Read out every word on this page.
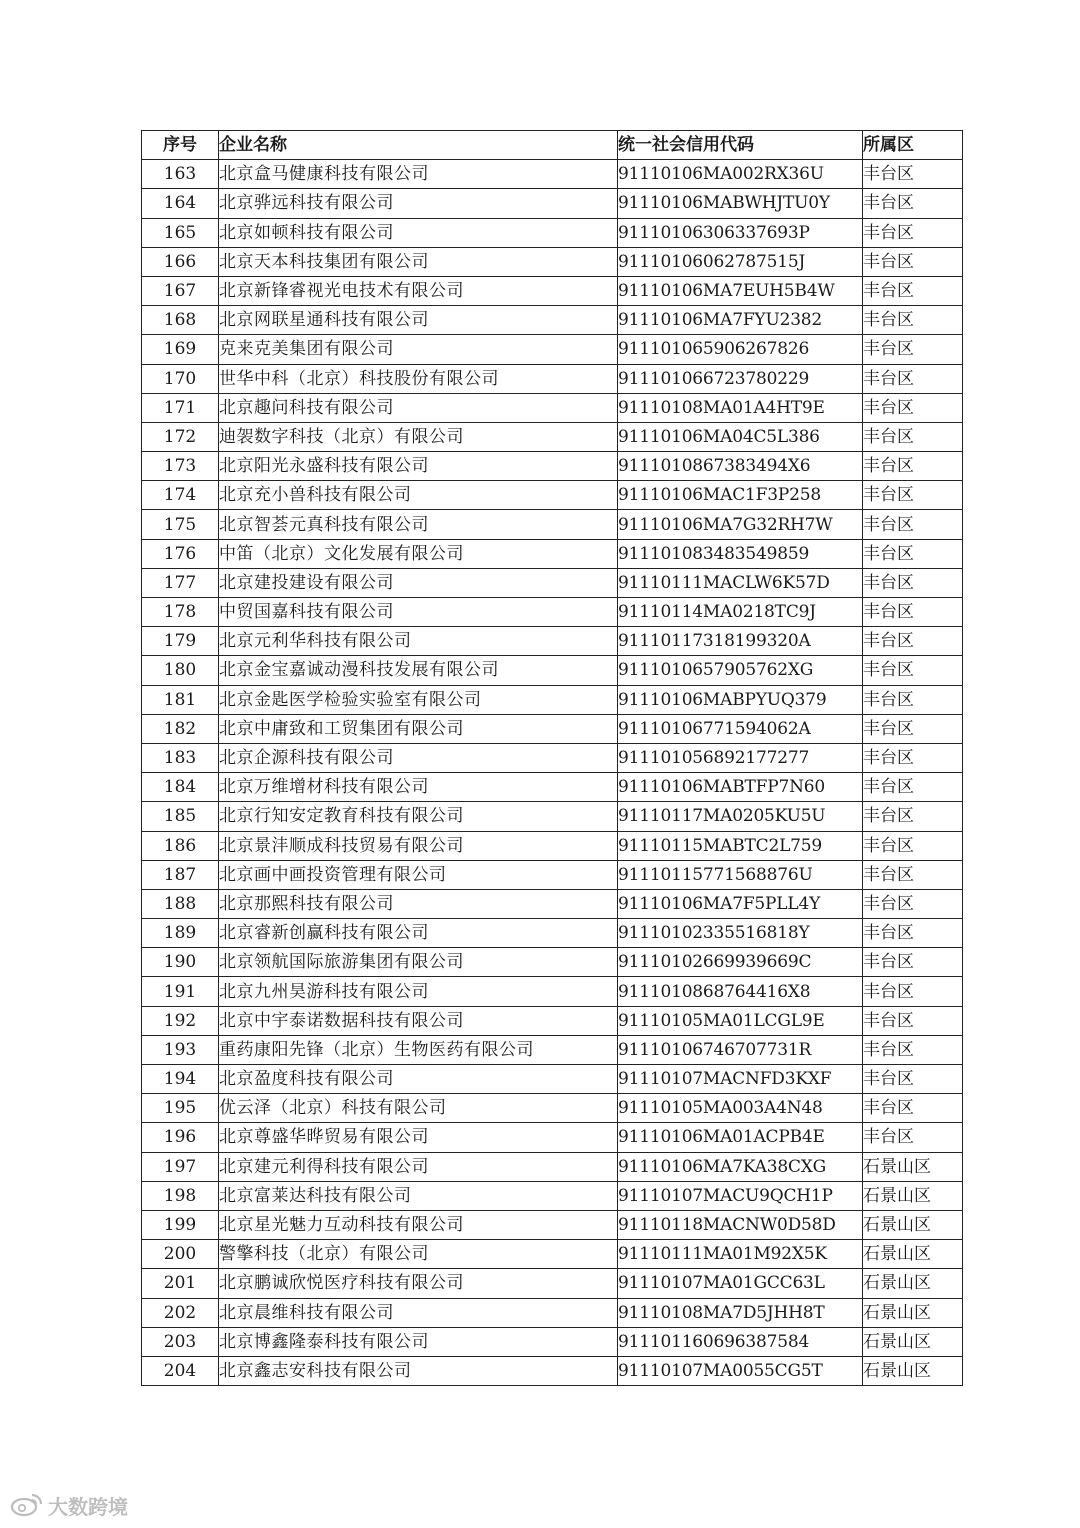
序号	企业名称	统一社会信用代码	所属区
163	北京盒马健康科技有限公司	91110106MA002RX36U	丰台区
164	北京骅远科技有限公司	91110106MABWHJTU0Y	丰台区
165	北京如顿科技有限公司	91110106306337693P	丰台区
166	北京天本科技集团有限公司	91110106062787515J	丰台区
167	北京新锋睿视光电技术有限公司	91110106MA7EUH5B4W	丰台区
168	北京网联星通科技有限公司	91110106MA7FYU2382	丰台区
169	克来克美集团有限公司	911101065906267826	丰台区
170	世华中科（北京）科技股份有限公司	911101066723780229	丰台区
171	北京趣问科技有限公司	91110108MA01A4HT9E	丰台区
172	迪袈数字科技（北京）有限公司	91110106MA04C5L386	丰台区
173	北京阳光永盛科技有限公司	9111010867383494X6	丰台区
174	北京充小兽科技有限公司	91110106MAC1F3P258	丰台区
175	北京智荟元真科技有限公司	91110106MA7G32RH7W	丰台区
176	中笛（北京）文化发展有限公司	911101083483549859	丰台区
177	北京建投建设有限公司	91110111MACLW6K57D	丰台区
178	中贸国嘉科技有限公司	91110114MA0218TC9J	丰台区
179	北京元利华科技有限公司	91110117318199320A	丰台区
180	北京金宝嘉诚动漫科技发展有限公司	9111010657905762XG	丰台区
181	北京金匙医学检验实验室有限公司	91110106MABPYUQ379	丰台区
182	北京中庸致和工贸集团有限公司	91110106771594062A	丰台区
183	北京企源科技有限公司	911101056892177277	丰台区
184	北京万维增材科技有限公司	91110106MABTFP7N60	丰台区
185	北京行知安定教育科技有限公司	91110117MA0205KU5U	丰台区
186	北京景沣顺成科技贸易有限公司	91110115MABTC2L759	丰台区
187	北京画中画投资管理有限公司	91110115771568876U	丰台区
188	北京那熙科技有限公司	91110106MA7F5PLL4Y	丰台区
189	北京睿新创赢科技有限公司	91110102335516818Y	丰台区
190	北京领航国际旅游集团有限公司	91110102669939669C	丰台区
191	北京九州昊游科技有限公司	9111010868764416X8	丰台区
192	北京中宇泰诺数据科技有限公司	91110105MA01LCGL9E	丰台区
193	重药康阳先锋（北京）生物医药有限公司	91110106746707731R	丰台区
194	北京盈度科技有限公司	91110107MACNFD3KXF	丰台区
195	优云泽（北京）科技有限公司	91110105MA003A4N48	丰台区
196	北京尊盛华晔贸易有限公司	91110106MA01ACPB4E	丰台区
197	北京建元利得科技有限公司	91110106MA7KA38CXG	石景山区
198	北京富莱达科技有限公司	91110107MACU9QCH1P	石景山区
199	北京星光魅力互动科技有限公司	91110118MACNW0D58D	石景山区
200	警擎科技（北京）有限公司	91110111MA01M92X5K	石景山区
201	北京鹏诚欣悦医疗科技有限公司	91110107MA01GCC63L	石景山区
202	北京晨维科技有限公司	91110108MA7D5JHH8T	石景山区
203	北京博鑫隆泰科技有限公司	911101160696387584	石景山区
204	北京鑫志安科技有限公司	91110107MA0055CG5T	石景山区
大数跨境
